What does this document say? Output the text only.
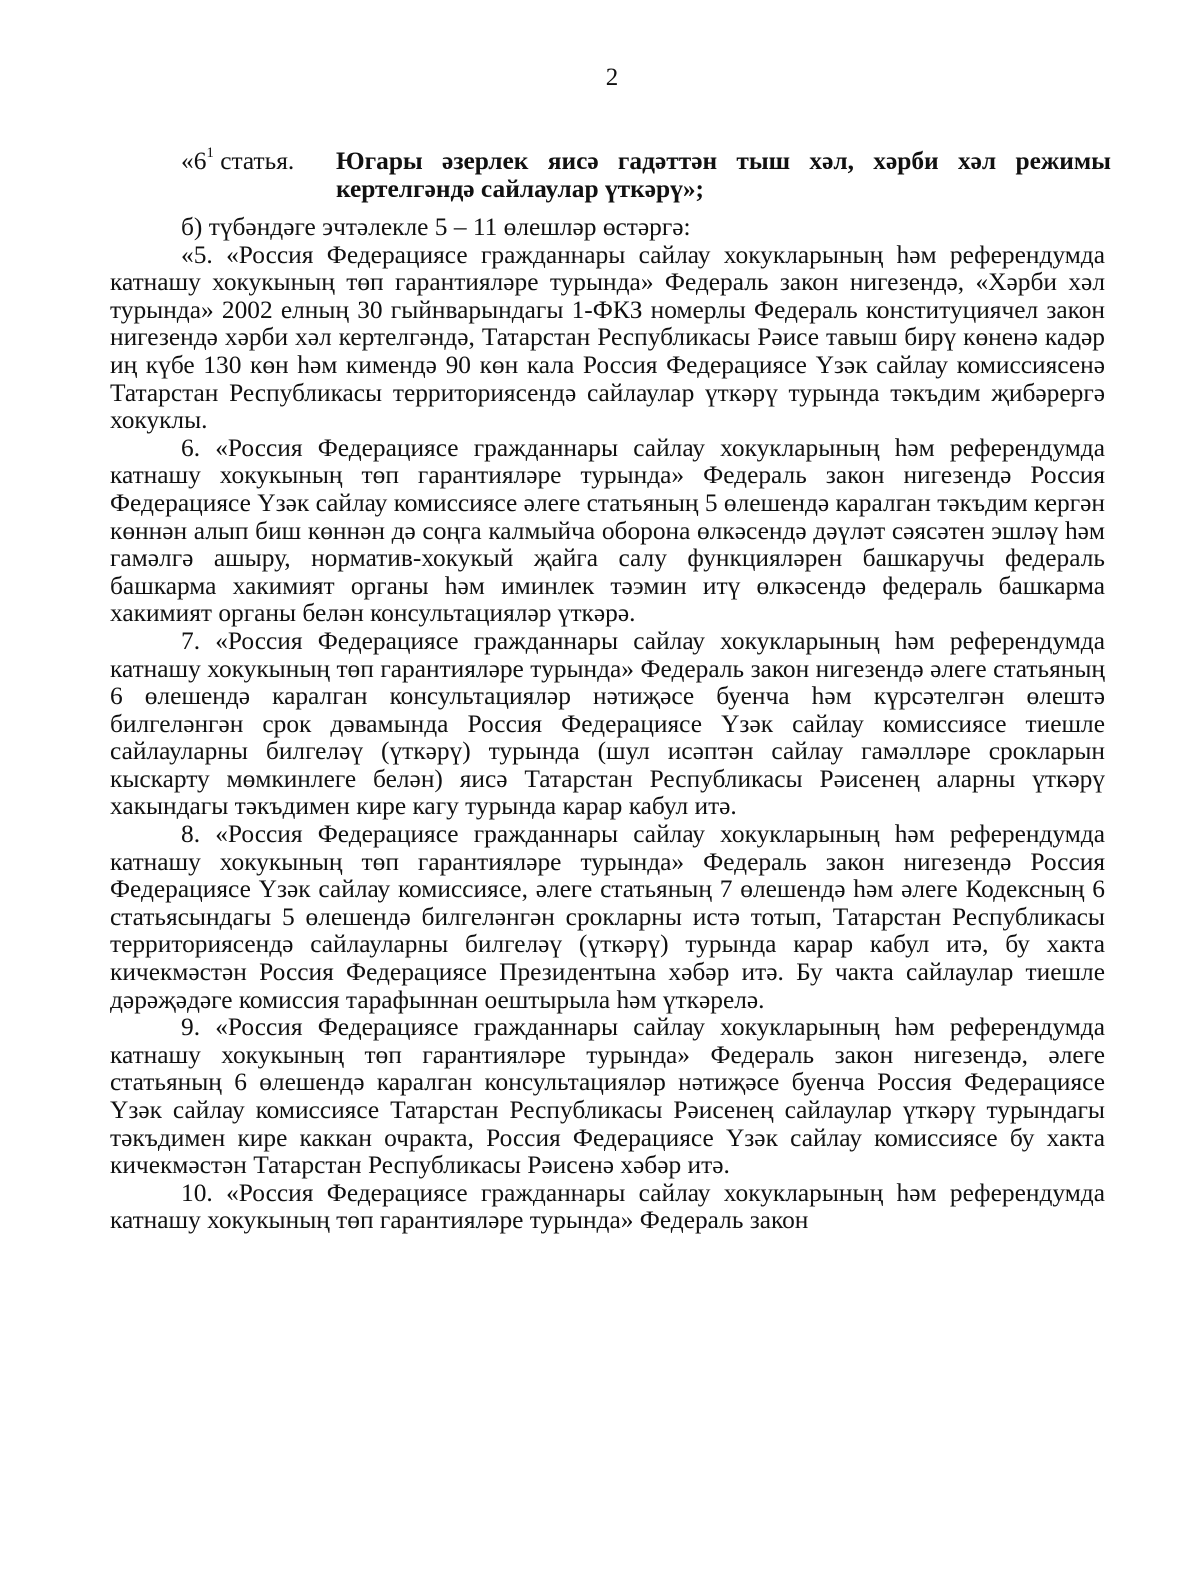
2
«$6^1$ статья. Югары әзерлек яисә гадәттән тыш хәл, хәрби хәл режимы кертелгәндә сайлаулар үткәрү»;

б) түбәндәге эчтәлекле 5 – 11 өлешләр өстәргә:

«5. «Россия Федерациясе гражданнары сайлау хокукларының һәм референдумда катнашу хокукының төп гарантияләре турында» Федераль закон нигезендә, «Хәрби хәл турында» 2002 елның 30 гыйнварындагы 1-ФКЗ номерлы Федераль конституциячел закон нигезендә хәрби хәл кертелгәндә, Татарстан Республикасы Рәисе тавыш бирү көненә кадәр иң күбе 130 көн һәм кимендә 90 көн кала Россия Федерациясе Үзәк сайлау комиссиясенә Татарстан Республикасы территориясендә сайлаулар үткәрү турында тәкъдим җибәрергә хокуклы.

6. «Россия Федерациясе гражданнары сайлау хокукларының һәм референдумда катнашу хокукының төп гарантияләре турында» Федераль закон нигезендә Россия Федерациясе Үзәк сайлау комиссиясе әлеге статьяның 5 өлешендә каралган тәкъдим кергән көннән алып биш көннән дә соңга калмыйча оборона өлкәсендә дәүләт сәясәтен эшләү һәм гамәлгә ашыру, норматив-хокукый җайга салу функцияләрен башкаручы федераль башкарма хакимият органы һәм иминлек тәэмин итү өлкәсендә федераль башкарма хакимият органы белән консультацияләр үткәрә.

7. «Россия Федерациясе гражданнары сайлау хокукларының һәм референдумда катнашу хокукының төп гарантияләре турында» Федераль закон нигезендә әлеге статьяның 6 өлешендә каралган консультацияләр нәтиҗәсе буенча һәм күрсәтелгән өлештә билгеләнгән срок дәвамында Россия Федерациясе Үзәк сайлау комиссиясе тиешле сайлауларны билгеләү (үткәрү) турында (шул исәптән сайлау гамәлләре срокларын кыскарту мөмкинлеге белән) яисә Татарстан Республикасы Рәисенең аларны үткәрү хакындагы тәкъдимен кире кагу турында карар кабул итә.

8. «Россия Федерациясе гражданнары сайлау хокукларының һәм референдумда катнашу хокукының төп гарантияләре турында» Федераль закон нигезендә Россия Федерациясе Үзәк сайлау комиссиясе, әлеге статьяның 7 өлешендә һәм әлеге Кодексның 6 статьясындагы 5 өлешендә билгеләнгән срокларны истә тотып, Татарстан Республикасы территориясендә сайлауларны билгеләү (үткәрү) турында карар кабул итә, бу хакта кичекмәстән Россия Федерациясе Президентына хәбәр итә. Бу чакта сайлаулар тиешле дәрәҗәдәге комиссия тарафыннан оештырыла һәм үткәрелә.

9. «Россия Федерациясе гражданнары сайлау хокукларының һәм референдумда катнашу хокукының төп гарантияләре турында» Федераль закон нигезендә, әлеге статьяның 6 өлешендә каралган консультацияләр нәтиҗәсе буенча Россия Федерациясе Үзәк сайлау комиссиясе Татарстан Республикасы Рәисенең сайлаулар үткәрү турындагы тәкъдимен кире каккан очракта, Россия Федерациясе Үзәк сайлау комиссиясе бу хакта кичекмәстән Татарстан Республикасы Рәисенә хәбәр итә.

10. «Россия Федерациясе гражданнары сайлау хокукларының һәм референдумда катнашу хокукының төп гарантияләре турында» Федераль закон
